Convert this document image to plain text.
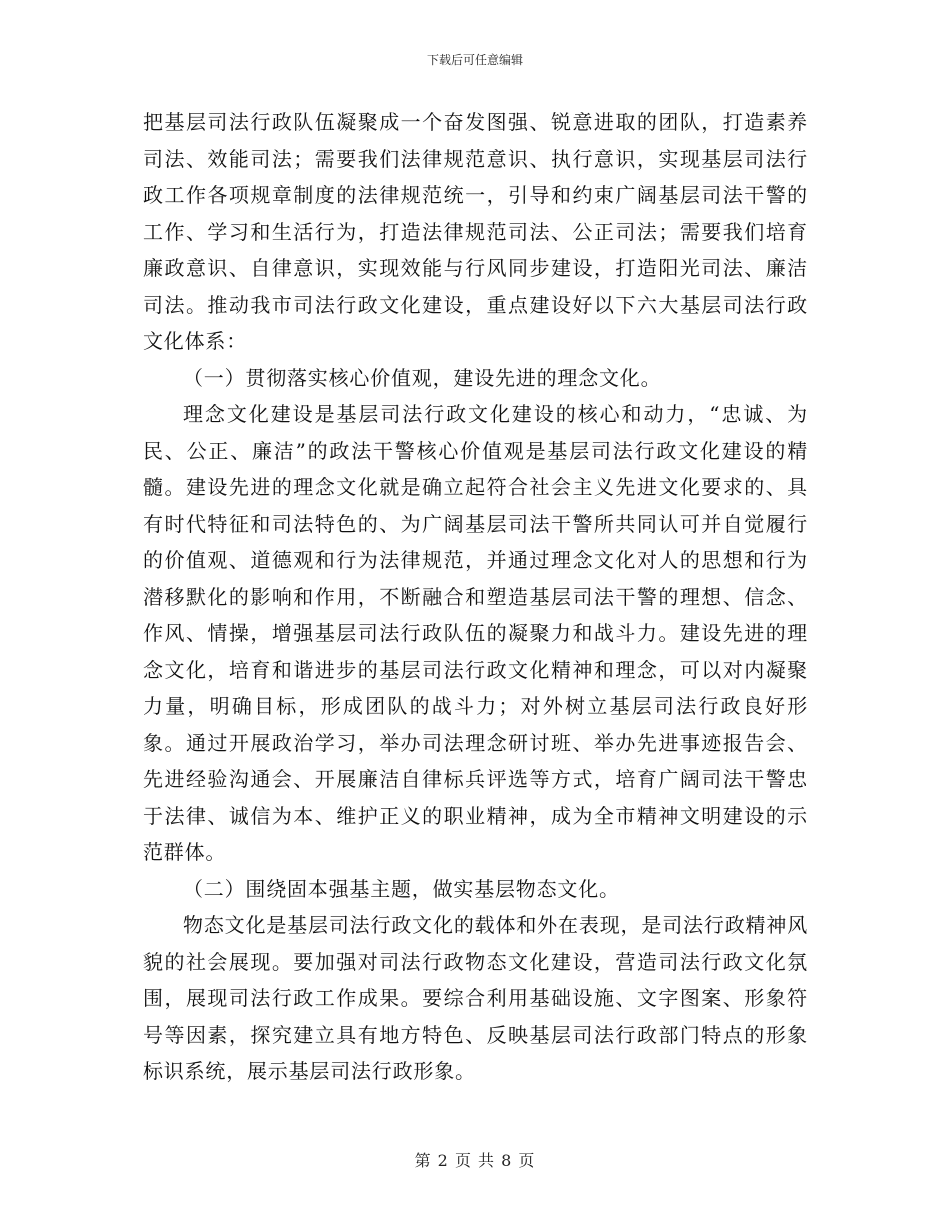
下载后可任意编辑

把基层司法行政队伍凝聚成一个奋发图强、锐意进取的团队，打造素养司法、效能司法；需要我们法律规范意识、执行意识，实现基层司法行政工作各项规章制度的法律规范统一，引导和约束广阔基层司法干警的工作、学习和生活行为，打造法律规范司法、公正司法；需要我们培育廉政意识、自律意识，实现效能与行风同步建设，打造阳光司法、廉洁司法。推动我市司法行政文化建设，重点建设好以下六大基层司法行政文化体系：

（一）贯彻落实核心价值观，建设先进的理念文化。

理念文化建设是基层司法行政文化建设的核心和动力，“忠诚、为民、公正、廉洁”的政法干警核心价值观是基层司法行政文化建设的精髓。建设先进的理念文化就是确立起符合社会主义先进文化要求的、具有时代特征和司法特色的、为广阔基层司法干警所共同认可并自觉履行的价值观、道德观和行为法律规范，并通过理念文化对人的思想和行为潜移默化的影响和作用，不断融合和塑造基层司法干警的理想、信念、作风、情操，增强基层司法行政队伍的凝聚力和战斗力。建设先进的理念文化，培育和谐进步的基层司法行政文化精神和理念，可以对内凝聚力量，明确目标，形成团队的战斗力；对外树立基层司法行政良好形象。通过开展政治学习，举办司法理念研讨班、举办先进事迹报告会、先进经验沟通会、开展廉洁自律标兵评选等方式，培育广阔司法干警忠于法律、诚信为本、维护正义的职业精神，成为全市精神文明建设的示范群体。

（二）围绕固本强基主题，做实基层物态文化。

物态文化是基层司法行政文化的载体和外在表现，是司法行政精神风貌的社会展现。要加强对司法行政物态文化建设，营造司法行政文化氛围，展现司法行政工作成果。要综合利用基础设施、文字图案、形象符号等因素，探究建立具有地方特色、反映基层司法行政部门特点的形象标识系统，展示基层司法行政形象。

第 2 页 共 8 页
